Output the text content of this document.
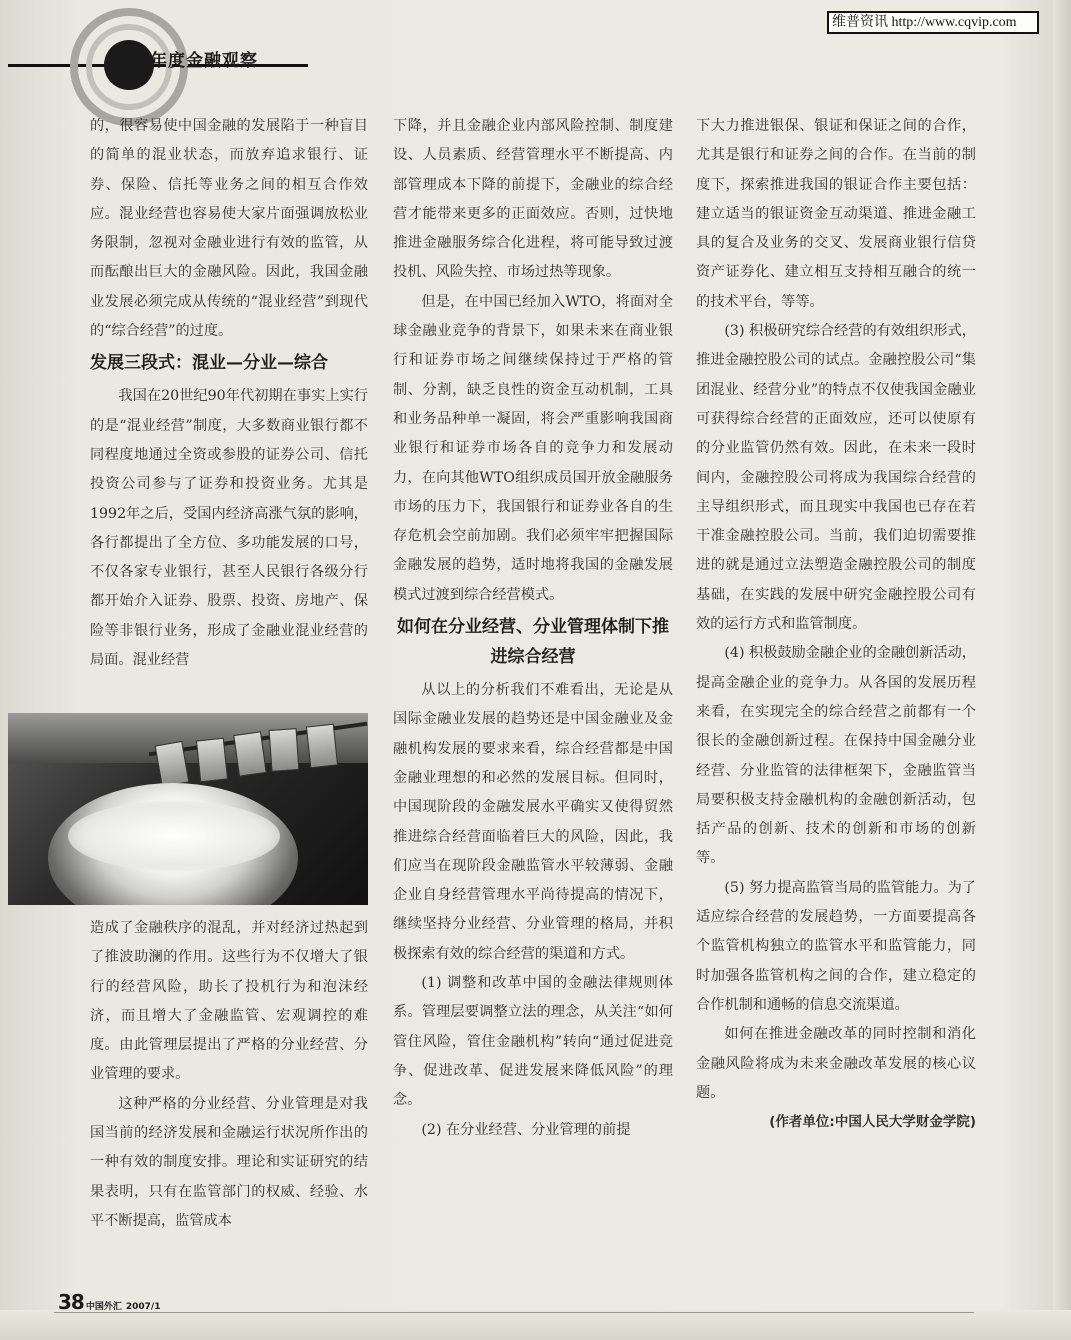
年度金融观察
维普资讯 http://www.cqvip.com

的，很容易使中国金融的发展陷于一种盲目的简单的混业状态，而放弃追求银行、证券、保险、信托等业务之间的相互合作效应。混业经营也容易使大家片面强调放松业务限制，忽视对金融业进行有效的监管，从而酝酿出巨大的金融风险。因此，我国金融业发展必须完成从传统的“混业经营”到现代的“综合经营”的过度。

发展三段式：混业—分业—综合

我国在20世纪90年代初期在事实上实行的是“混业经营”制度，大多数商业银行都不同程度地通过全资或参股的证券公司、信托投资公司参与了证券和投资业务。尤其是1992年之后，受国内经济高涨气氛的影响，各行都提出了全方位、多功能发展的口号，不仅各家专业银行，甚至人民银行各级分行都开始介入证券、股票、投资、房地产、保险等非银行业务，形成了金融业混业经营的局面。混业经营

造成了金融秩序的混乱，并对经济过热起到了推波助澜的作用。这些行为不仅增大了银行的经营风险，助长了投机行为和泡沫经济，而且增大了金融监管、宏观调控的难度。由此管理层提出了严格的分业经营、分业管理的要求。

这种严格的分业经营、分业管理是对我国当前的经济发展和金融运行状况所作出的一种有效的制度安排。理论和实证研究的结果表明，只有在监管部门的权威、经验、水平不断提高，监管成本

下降，并且金融企业内部风险控制、制度建设、人员素质、经营管理水平不断提高、内部管理成本下降的前提下，金融业的综合经营才能带来更多的正面效应。否则，过快地推进金融服务综合化进程，将可能导致过渡投机、风险失控、市场过热等现象。

但是，在中国已经加入WTO，将面对全球金融业竞争的背景下，如果未来在商业银行和证券市场之间继续保持过于严格的管制、分割，缺乏良性的资金互动机制，工具和业务品种单一凝固，将会严重影响我国商业银行和证券市场各自的竞争力和发展动力，在向其他WTO组织成员国开放金融服务市场的压力下，我国银行和证券业各自的生存危机会空前加剧。我们必须牢牢把握国际金融发展的趋势，适时地将我国的金融发展模式过渡到综合经营模式。

如何在分业经营、分业管理体制下推进综合经营

从以上的分析我们不难看出，无论是从国际金融业发展的趋势还是中国金融业及金融机构发展的要求来看，综合经营都是中国金融业理想的和必然的发展目标。但同时，中国现阶段的金融发展水平确实又使得贸然推进综合经营面临着巨大的风险，因此，我们应当在现阶段金融监管水平较薄弱、金融企业自身经营管理水平尚待提高的情况下，继续坚持分业经营、分业管理的格局，并积极探索有效的综合经营的渠道和方式。

(1) 调整和改革中国的金融法律规则体系。管理层要调整立法的理念，从关注“如何管住风险，管住金融机构”转向“通过促进竞争、促进改革、促进发展来降低风险”的理念。

(2) 在分业经营、分业管理的前提

下大力推进银保、银证和保证之间的合作，尤其是银行和证券之间的合作。在当前的制度下，探索推进我国的银证合作主要包括：建立适当的银证资金互动渠道、推进金融工具的复合及业务的交叉、发展商业银行信贷资产证券化、建立相互支持相互融合的统一的技术平台，等等。

(3) 积极研究综合经营的有效组织形式，推进金融控股公司的试点。金融控股公司“集团混业、经营分业”的特点不仅使我国金融业可获得综合经营的正面效应，还可以使原有的分业监管仍然有效。因此，在未来一段时间内，金融控股公司将成为我国综合经营的主导组织形式，而且现实中我国也已存在若干准金融控股公司。当前，我们迫切需要推进的就是通过立法塑造金融控股公司的制度基础，在实践的发展中研究金融控股公司有效的运行方式和监管制度。

(4) 积极鼓励金融企业的金融创新活动，提高金融企业的竞争力。从各国的发展历程来看，在实现完全的综合经营之前都有一个很长的金融创新过程。在保持中国金融分业经营、分业监管的法律框架下，金融监管当局要积极支持金融机构的金融创新活动，包括产品的创新、技术的创新和市场的创新等。

(5) 努力提高监管当局的监管能力。为了适应综合经营的发展趋势，一方面要提高各个监管机构独立的监管水平和监管能力，同时加强各监管机构之间的合作，建立稳定的合作机制和通畅的信息交流渠道。

如何在推进金融改革的同时控制和消化金融风险将成为未来金融改革发展的核心议题。

(作者单位:中国人民大学财金学院)
38 中国外汇 2007/1
